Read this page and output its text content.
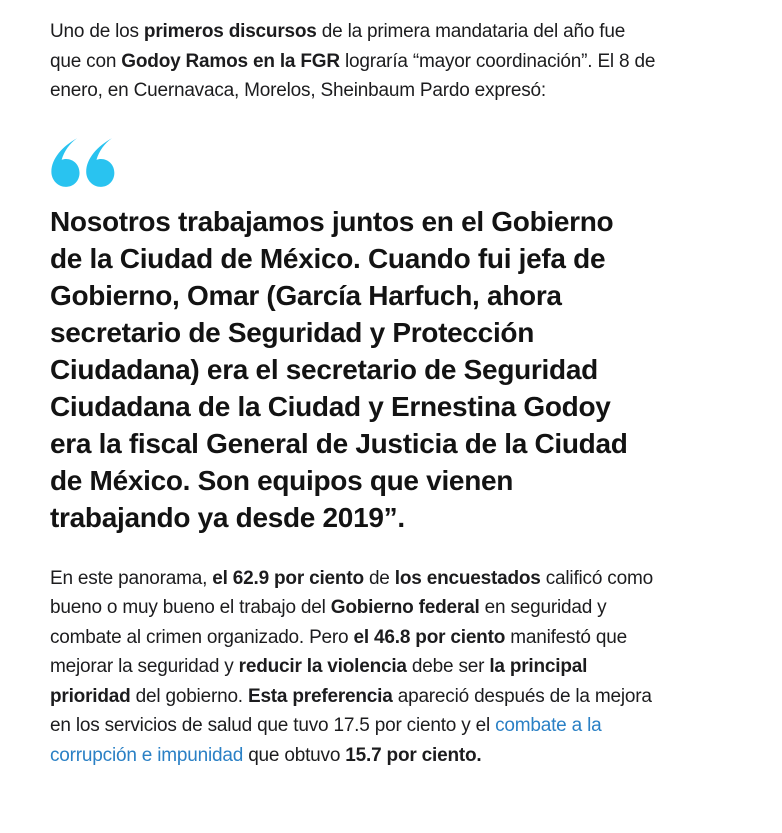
Uno de los primeros discursos de la primera mandataria del año fue que con Godoy Ramos en la FGR lograría “mayor coordinación”. El 8 de enero, en Cuernavaca, Morelos, Sheinbaum Pardo expresó:

Nosotros trabajamos juntos en el Gobierno de la Ciudad de México. Cuando fui jefa de Gobierno, Omar (García Harfuch, ahora secretario de Seguridad y Protección Ciudadana) era el secretario de Seguridad Ciudadana de la Ciudad y Ernestina Godoy era la fiscal General de Justicia de la Ciudad de México. Son equipos que vienen trabajando ya desde 2019”.

En este panorama, el 62.9 por ciento de los encuestados calificó como bueno o muy bueno el trabajo del Gobierno federal en seguridad y combate al crimen organizado. Pero el 46.8 por ciento manifestó que mejorar la seguridad y reducir la violencia debe ser la principal prioridad del gobierno. Esta preferencia apareció después de la mejora en los servicios de salud que tuvo 17.5 por ciento y el combate a la corrupción e impunidad que obtuvo 15.7 por ciento.
